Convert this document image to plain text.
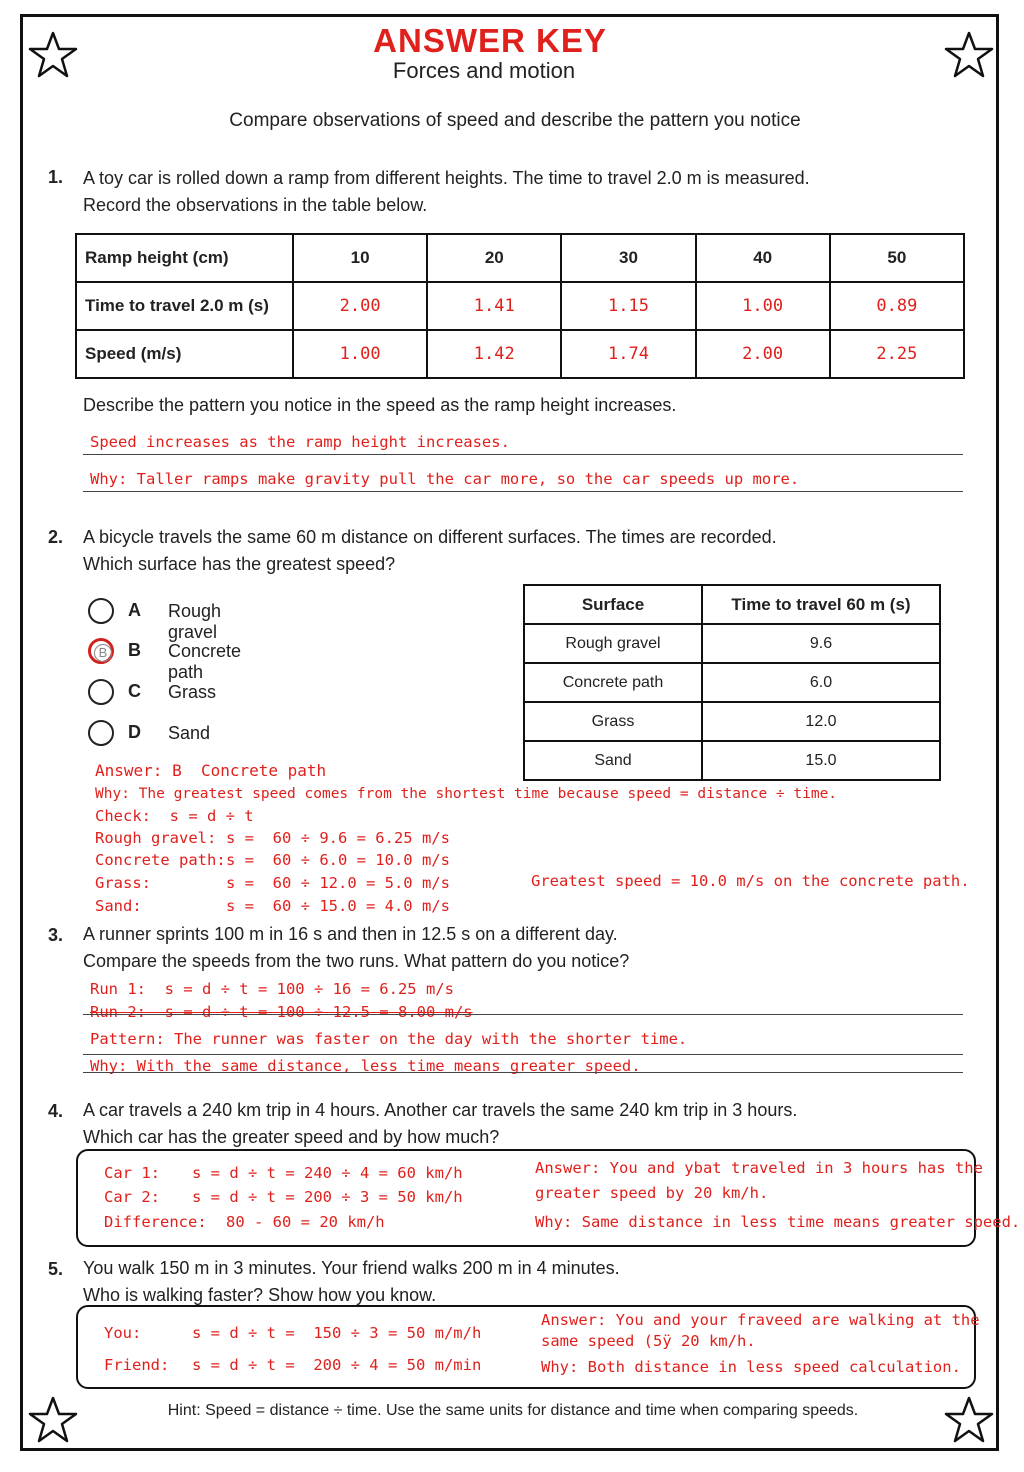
ANSWER KEY
Forces and motion
Compare observations of speed and describe the pattern you notice
1. A toy car is rolled down a ramp from different heights. The time to travel 2.0 m is measured.
Record the observations in the table below.
Ramp height (cm)	10	20	30	40	50
Time to travel 2.0 m (s)	2.00	1.41	1.15	1.00	0.89
Speed (m/s)	1.00	1.42	1.74	2.00	2.25
Describe the pattern you notice in the speed as the ramp height increases.
Speed increases as the ramp height increases.
Why: Taller ramps make gravity pull the car more, so the car speeds up more.
2. A bicycle travels the same 60 m distance on different surfaces. The times are recorded.
Which surface has the greatest speed?
A Rough gravel
B B Concrete path
C Grass
D Sand
Surface	Time to travel 60 m (s)
Rough gravel	9.6
Concrete path	6.0
Grass	12.0
Sand	15.0
Answer: B  Concrete path
Why: The greatest speed comes from the shortest time because speed = distance ÷ time.
Check:  s = d ÷ t
Rough gravel: s =  60 ÷ 9.6 = 6.25 m/s
Concrete path: s =  60 ÷ 6.0 = 10.0 m/s
Grass:	s =  60 ÷ 12.0 = 5.0 m/s
Sand:	s =  60 ÷ 15.0 = 4.0 m/s
Greatest speed = 10.0 m/s on the concrete path.
3. A runner sprints 100 m in 16 s and then in 12.5 s on a different day.
Compare the speeds from the two runs. What pattern do you notice?
Run 1:  s = d ÷ t = 100 ÷ 16 = 6.25 m/s
Run 2:  s = d ÷ t = 100 ÷ 12.5 = 8.00 m/s
Pattern: The runner was faster on the day with the shorter time.
Why: With the same distance, less time means greater speed.
4. A car travels a 240 km trip in 4 hours. Another car travels the same 240 km trip in 3 hours.
Which car has the greater speed and by how much?
Car 1: s = d ÷ t = 240 ÷ 4 = 60 km/h
Car 2: s = d ÷ t = 200 ÷ 3 = 50 km/h
Difference: 80 - 60 = 20 km/h
Answer: You and ybat traveled in 3 hours has the
greater speed by 20 km/h.
Why: Same distance in less time means greater speed.
5. You walk 150 m in 3 minutes. Your friend walks 200 m in 4 minutes.
Who is walking faster? Show how you know.
You:	s = d ÷ t =  150 ÷ 3 = 50 m/m/h
Friend: s = d ÷ t =  200 ÷ 4 = 50 m/min
Answer: You and your fraveed are walking at the
same speed (5ÿ 20 km/h.
Why: Both distance in less speed calculation.
Hint: Speed = distance ÷ time. Use the same units for distance and time when comparing speeds.
